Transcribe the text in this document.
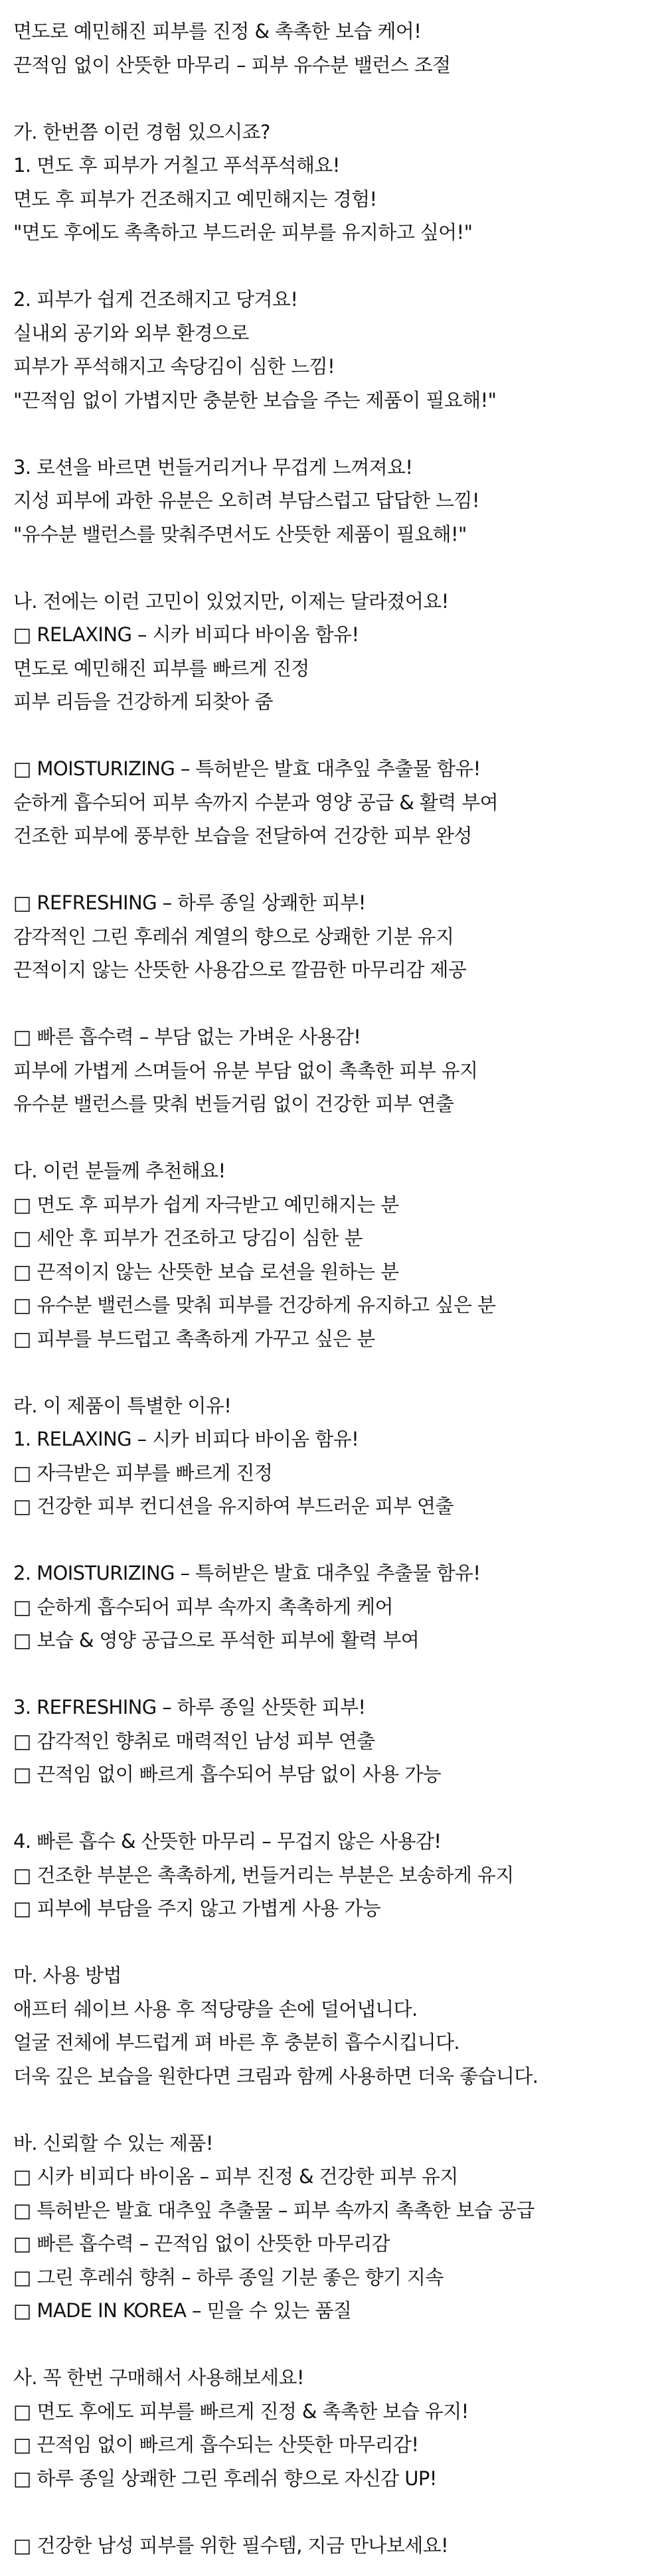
면도로 예민해진 피부를 진정 & 촉촉한 보습 케어!
끈적임 없이 산뜻한 마무리 – 피부 유수분 밸런스 조절
가. 한번쯤 이런 경험 있으시죠?
1. 면도 후 피부가 거칠고 푸석푸석해요!
면도 후 피부가 건조해지고 예민해지는 경험!
"면도 후에도 촉촉하고 부드러운 피부를 유지하고 싶어!"
2. 피부가 쉽게 건조해지고 당겨요!
실내외 공기와 외부 환경으로
피부가 푸석해지고 속당김이 심한 느낌!
"끈적임 없이 가볍지만 충분한 보습을 주는 제품이 필요해!"
3. 로션을 바르면 번들거리거나 무겁게 느껴져요!
지성 피부에 과한 유분은 오히려 부담스럽고 답답한 느낌!
"유수분 밸런스를 맞춰주면서도 산뜻한 제품이 필요해!"
나. 전에는 이런 고민이 있었지만, 이제는 달라졌어요!
□ RELAXING – 시카 비피다 바이옴 함유!
면도로 예민해진 피부를 빠르게 진정
피부 리듬을 건강하게 되찾아 줌
□ MOISTURIZING – 특허받은 발효 대추잎 추출물 함유!
순하게 흡수되어 피부 속까지 수분과 영양 공급 & 활력 부여
건조한 피부에 풍부한 보습을 전달하여 건강한 피부 완성
□ REFRESHING – 하루 종일 상쾌한 피부!
감각적인 그린 후레쉬 계열의 향으로 상쾌한 기분 유지
끈적이지 않는 산뜻한 사용감으로 깔끔한 마무리감 제공
□ 빠른 흡수력 – 부담 없는 가벼운 사용감!
피부에 가볍게 스며들어 유분 부담 없이 촉촉한 피부 유지
유수분 밸런스를 맞춰 번들거림 없이 건강한 피부 연출
다. 이런 분들께 추천해요!
□ 면도 후 피부가 쉽게 자극받고 예민해지는 분
□ 세안 후 피부가 건조하고 당김이 심한 분
□ 끈적이지 않는 산뜻한 보습 로션을 원하는 분
□ 유수분 밸런스를 맞춰 피부를 건강하게 유지하고 싶은 분
□ 피부를 부드럽고 촉촉하게 가꾸고 싶은 분
라. 이 제품이 특별한 이유!
1. RELAXING – 시카 비피다 바이옴 함유!
□ 자극받은 피부를 빠르게 진정
□ 건강한 피부 컨디션을 유지하여 부드러운 피부 연출
2. MOISTURIZING – 특허받은 발효 대추잎 추출물 함유!
□ 순하게 흡수되어 피부 속까지 촉촉하게 케어
□ 보습 & 영양 공급으로 푸석한 피부에 활력 부여
3. REFRESHING – 하루 종일 산뜻한 피부!
□ 감각적인 향취로 매력적인 남성 피부 연출
□ 끈적임 없이 빠르게 흡수되어 부담 없이 사용 가능
4. 빠른 흡수 & 산뜻한 마무리 – 무겁지 않은 사용감!
□ 건조한 부분은 촉촉하게, 번들거리는 부분은 보송하게 유지
□ 피부에 부담을 주지 않고 가볍게 사용 가능
마. 사용 방법
애프터 쉐이브 사용 후 적당량을 손에 덜어냅니다.
얼굴 전체에 부드럽게 펴 바른 후 충분히 흡수시킵니다.
더욱 깊은 보습을 원한다면 크림과 함께 사용하면 더욱 좋습니다.
바. 신뢰할 수 있는 제품!
□ 시카 비피다 바이옴 – 피부 진정 & 건강한 피부 유지
□ 특허받은 발효 대추잎 추출물 – 피부 속까지 촉촉한 보습 공급
□ 빠른 흡수력 – 끈적임 없이 산뜻한 마무리감
□ 그린 후레쉬 향취 – 하루 종일 기분 좋은 향기 지속
□ MADE IN KOREA – 믿을 수 있는 품질
사. 꼭 한번 구매해서 사용해보세요!
□ 면도 후에도 피부를 빠르게 진정 & 촉촉한 보습 유지!
□ 끈적임 없이 빠르게 흡수되는 산뜻한 마무리감!
□ 하루 종일 상쾌한 그린 후레쉬 향으로 자신감 UP!
□ 건강한 남성 피부를 위한 필수템, 지금 만나보세요!
